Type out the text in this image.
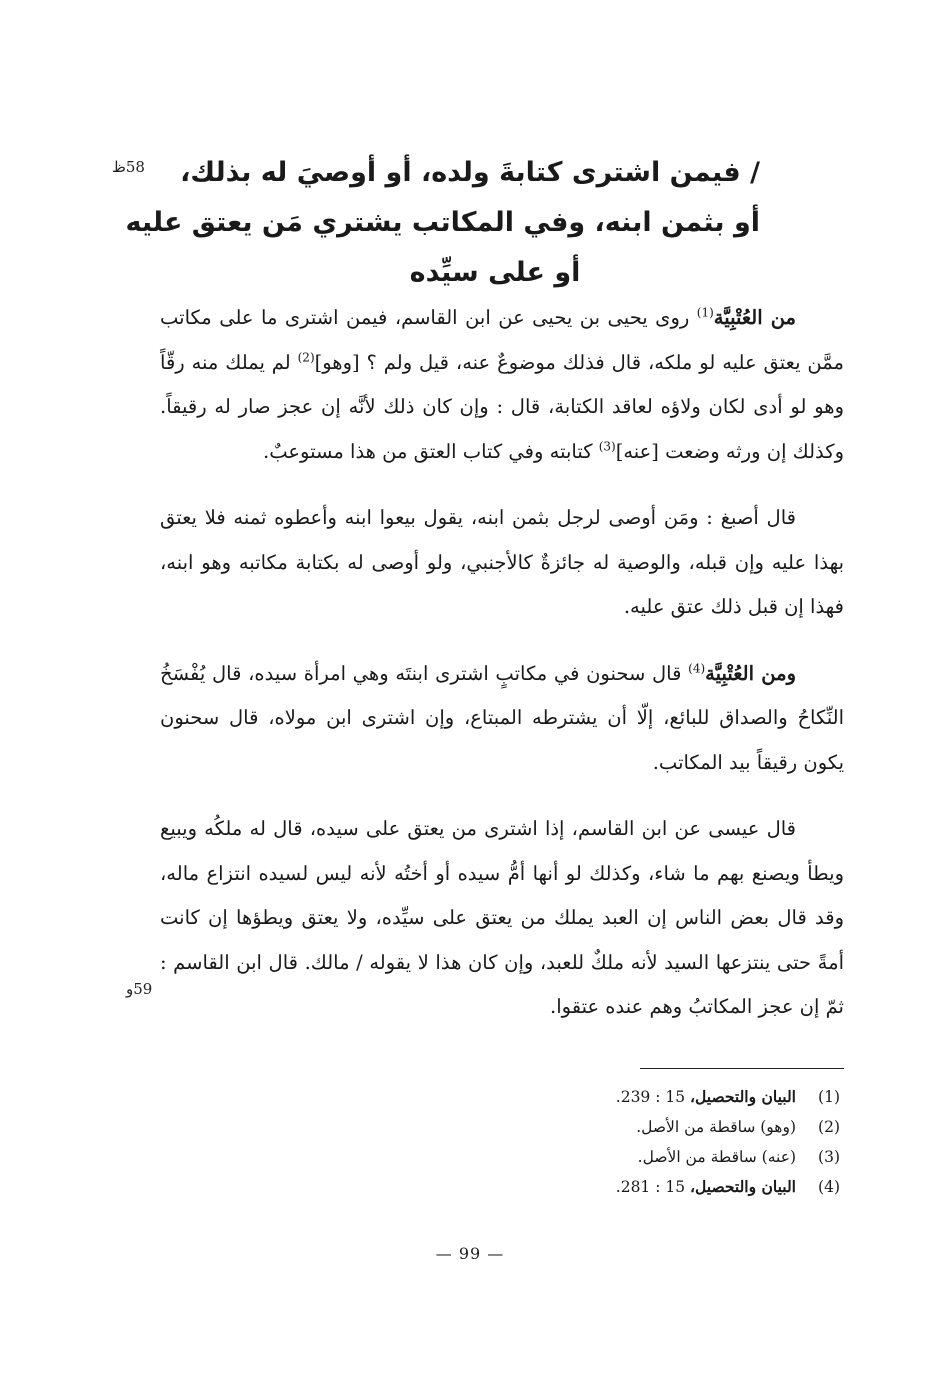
58ظ
59و
/ فيمن اشترى كتابةَ ولده، أو أوصيَ له بذلك،
أو بثمن ابنه، وفي المكاتب يشتري مَن يعتق عليه
أو على سيِّده

من العُتْبِيَّة$^{(1)}$ روى يحيى بن يحيى عن ابن القاسم، فيمن اشترى ما على مكاتب ممَّن يعتق عليه لو ملكه، قال فذلك موضوعٌ عنه، قيل ولم ؟ [وهو]$^{(2)}$ لم يملك منه رقّاً وهو لو أدى لكان ولاؤه لعاقد الكتابة، قال : وإن كان ذلك لأنَّه إن عجز صار له رقيقاً. وكذلك إن ورثه وضعت [عنه]$^{(3)}$ كتابته وفي كتاب العتق من هذا مستوعبٌ.

قال أصبغ : ومَن أوصى لرجل بثمن ابنه، يقول بيعوا ابنه وأعطوه ثمنه فلا يعتق بهذا عليه وإن قبله، والوصية له جائزةٌ كالأجنبي، ولو أوصى له بكتابة مكاتبه وهو ابنه، فهذا إن قبل ذلك عتق عليه.

ومن العُتْبِيَّة$^{(4)}$ قال سحنون في مكاتبٍ اشترى ابنتَه وهي امرأة سيده، قال يُفْسَخُ النِّكاحُ والصداق للبائع، إلّا أن يشترطه المبتاع، وإن اشترى ابن مولاه، قال سحنون يكون رقيقاً بيد المكاتب.

قال عيسى عن ابن القاسم، إذا اشترى من يعتق على سيده، قال له ملكُه ويبيع ويطأ ويصنع بهم ما شاء، وكذلك لو أنها أمُّ سيده أو أختُه لأنه ليس لسيده انتزاع ماله، وقد قال بعض الناس إن العبد يملك من يعتق على سيِّده، ولا يعتق ويطؤها إن كانت أمةً حتى ينتزعها السيد لأنه ملكٌ للعبد، وإن كان هذا لا يقوله / مالك. قال ابن القاسم : ثمّ إن عجز المكاتبُ وهم عنده عتقوا.

(1)
البيان والتحصيل، 15 : 239.
(2)
(وهو) ساقطة من الأصل.
(3)
(عنه) ساقطة من الأصل.
(4)
البيان والتحصيل، 15 : 281.
— 99 —
